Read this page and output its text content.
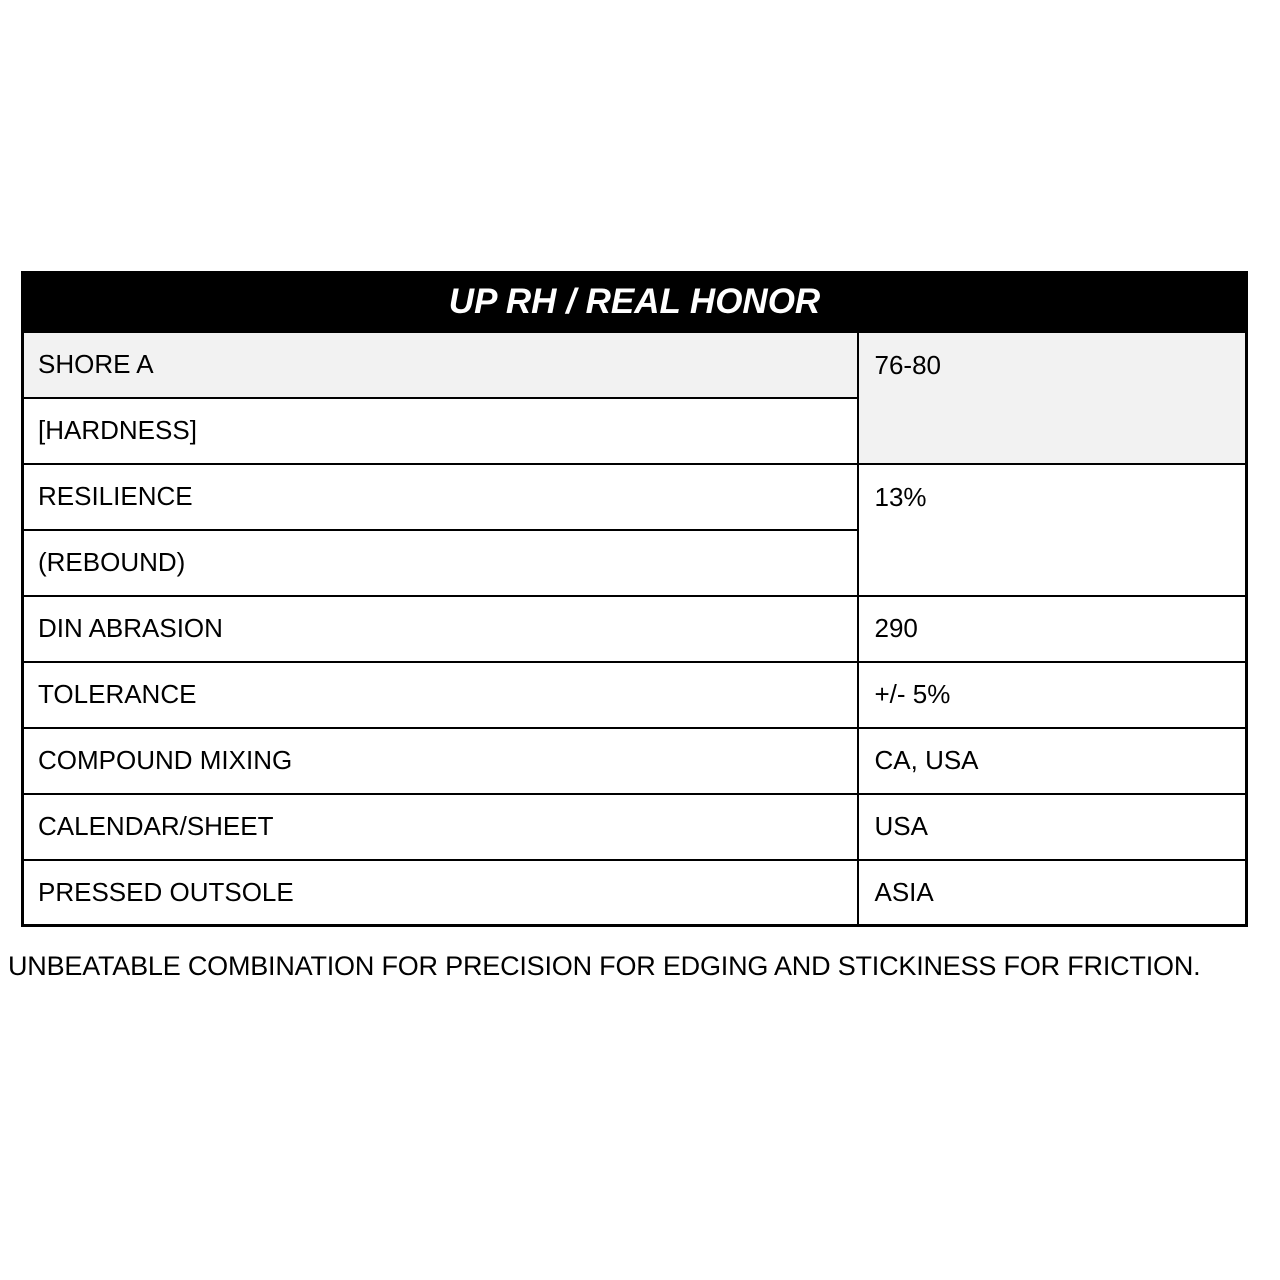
UP RH / REAL HONOR	
SHORE A	76-80
[HARDNESS]	
RESILIENCE	13%
(REBOUND)	
DIN ABRASION	290
TOLERANCE	+/- 5%
COMPOUND MIXING	CA, USA
CALENDAR/SHEET	USA
PRESSED OUTSOLE	ASIA
UNBEATABLE COMBINATION FOR PRECISION FOR EDGING AND STICKINESS FOR FRICTION.
